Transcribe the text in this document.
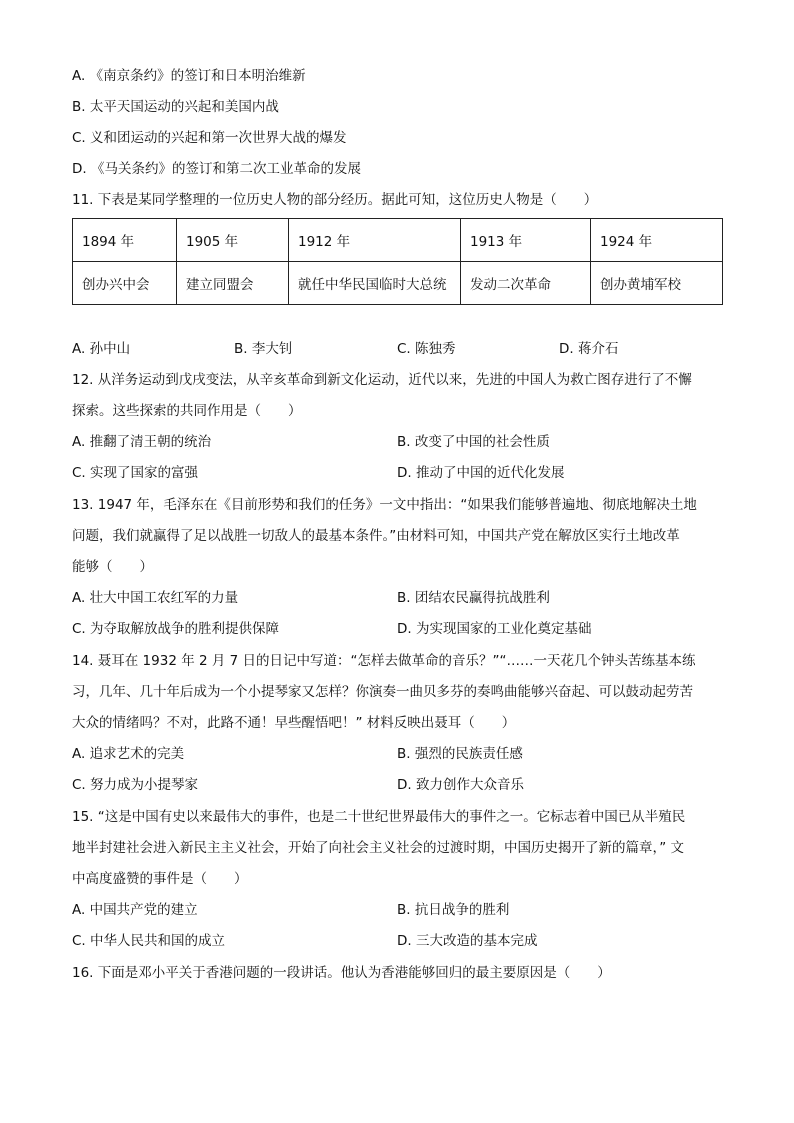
A. 《南京条约》的签订和日本明治维新
B. 太平天国运动的兴起和美国内战
C. 义和团运动的兴起和第一次世界大战的爆发
D. 《马关条约》的签订和第二次工业革命的发展
11. 下表是某同学整理的一位历史人物的部分经历。据此可知，这位历史人物是（　　）
1894 年	1905 年	1912 年	1913 年	1924 年
创办兴中会	建立同盟会	就任中华民国临时大总统	发动二次革命	创办黄埔军校
A. 孙中山	B. 李大钊	C. 陈独秀	D. 蒋介石
12. 从洋务运动到戊戌变法，从辛亥革命到新文化运动，近代以来，先进的中国人为救亡图存进行了不懈
探索。这些探索的共同作用是（　　）
A. 推翻了清王朝的统治	B. 改变了中国的社会性质
C. 实现了国家的富强	D. 推动了中国的近代化发展
13. 1947 年，毛泽东在《目前形势和我们的任务》一文中指出：“如果我们能够普遍地、彻底地解决土地
问题，我们就赢得了足以战胜一切敌人的最基本条件。”由材料可知，中国共产党在解放区实行土地改革
能够（　　）
A. 壮大中国工农红军的力量	B. 团结农民赢得抗战胜利
C. 为夺取解放战争的胜利提供保障	D. 为实现国家的工业化奠定基础
14. 聂耳在 1932 年 2 月 7 日的日记中写道：“怎样去做革命的音乐？”“……一天花几个钟头苦练基本练
习，几年、几十年后成为一个小提琴家又怎样？你演奏一曲贝多芬的奏鸣曲能够兴奋起、可以鼓动起劳苦
大众的情绪吗？不对，此路不通！早些醒悟吧！” 材料反映出聂耳（　　）
A. 追求艺术的完美	B. 强烈的民族责任感
C. 努力成为小提琴家	D. 致力创作大众音乐
15. “这是中国有史以来最伟大的事件，也是二十世纪世界最伟大的事件之一。它标志着中国已从半殖民
地半封建社会进入新民主主义社会，开始了向社会主义社会的过渡时期，中国历史揭开了新的篇章，” 文
中高度盛赞的事件是（　　）
A. 中国共产党的建立	B. 抗日战争的胜利
C. 中华人民共和国的成立	D. 三大改造的基本完成
16. 下面是邓小平关于香港问题的一段讲话。他认为香港能够回归的最主要原因是（　　）
